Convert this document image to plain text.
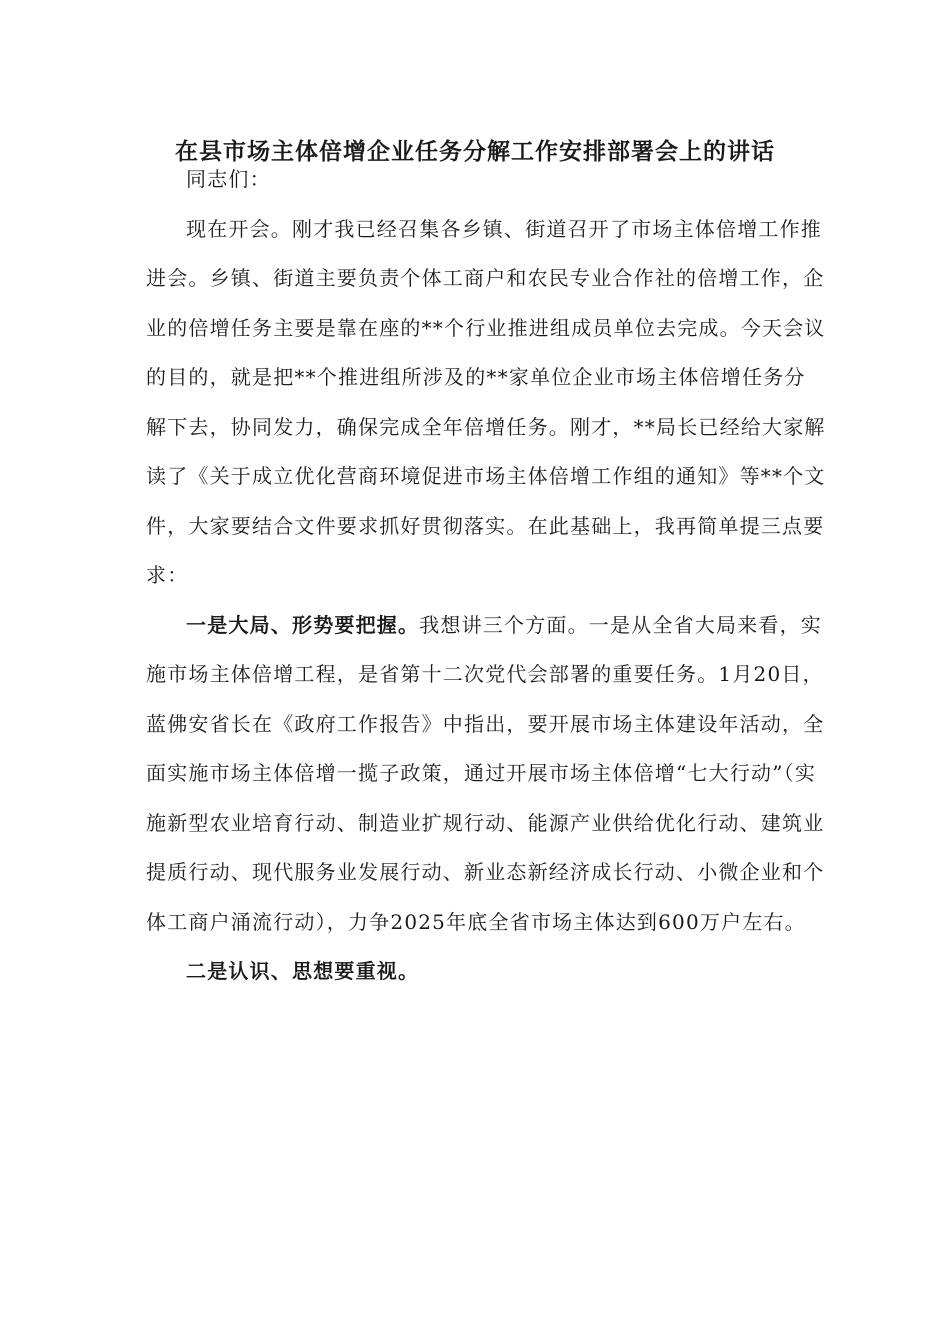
在县市场主体倍增企业任务分解工作安排部署会上的讲话

同志们：

现在开会。刚才我已经召集各乡镇、街道召开了市场主体倍增工作推进会。乡镇、街道主要负责个体工商户和农民专业合作社的倍增工作，企业的倍增任务主要是靠在座的**个行业推进组成员单位去完成。今天会议的目的，就是把**个推进组所涉及的**家单位企业市场主体倍增任务分解下去，协同发力，确保完成全年倍增任务。刚才，**局长已经给大家解读了《关于成立优化营商环境促进市场主体倍增工作组的通知》等**个文件，大家要结合文件要求抓好贯彻落实。在此基础上，我再简单提三点要求：

一是大局、形势要把握。我想讲三个方面。一是从全省大局来看，实施市场主体倍增工程，是省第十二次党代会部署的重要任务。1月20日，蓝佛安省长在《政府工作报告》中指出，要开展市场主体建设年活动，全面实施市场主体倍增一揽子政策，通过开展市场主体倍增“七大行动”（实施新型农业培育行动、制造业扩规行动、能源产业供给优化行动、建筑业提质行动、现代服务业发展行动、新业态新经济成长行动、小微企业和个体工商户涌流行动），力争2025年底全省市场主体达到600万户左右。

二是认识、思想要重视。
